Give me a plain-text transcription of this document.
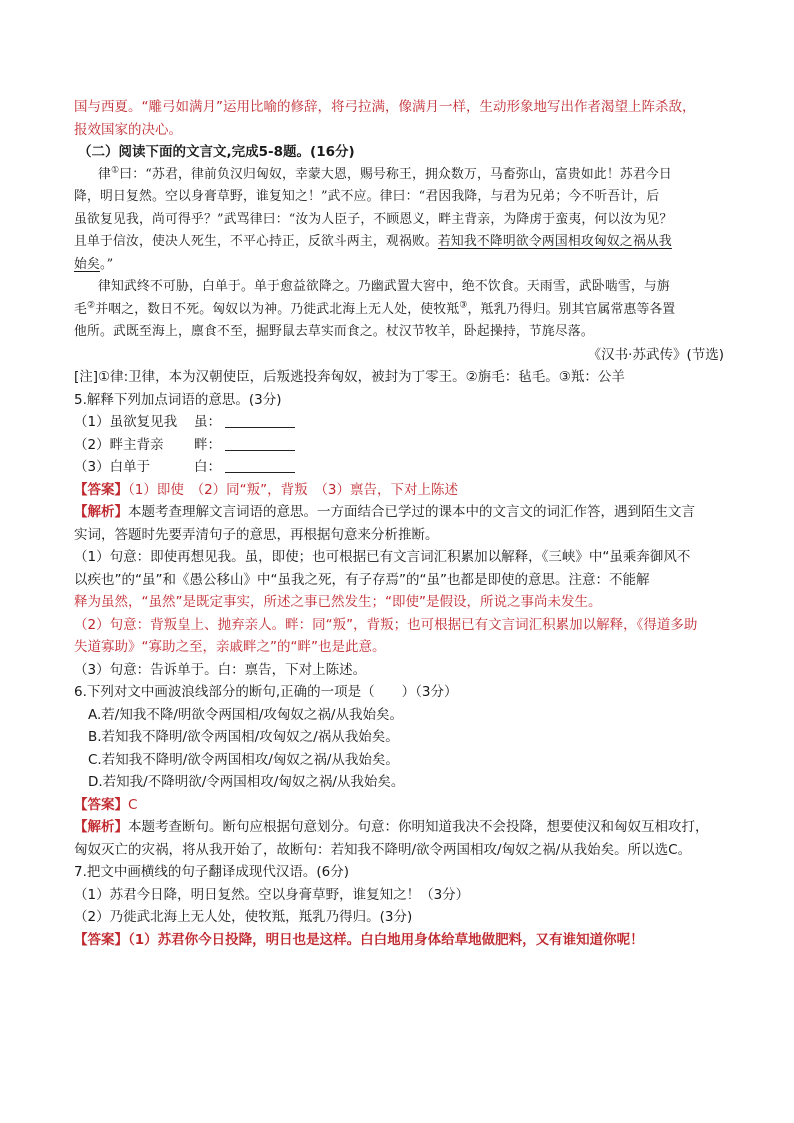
国与西夏。“雕弓如满月”运用比喻的修辞，将弓拉满，像满月一样，生动形象地写出作者渴望上阵杀敌，

报效国家的决心。

（二）阅读下面的文言文,完成5-8题。(16分)

律①曰：“苏君，律前负汉归匈奴，幸蒙大恩，赐号称王，拥众数万，马畜弥山，富贵如此！苏君今日

降，明日复然。空以身膏草野，谁复知之！”武不应。律曰：“君因我降，与君为兄弟；今不听吾计，后

虽欲复见我，尚可得乎？”武骂律曰：“汝为人臣子，不顾恩义，畔主背亲，为降虏于蛮夷，何以汝为见？

且单于信汝，使决人死生，不平心持正，反欲斗两主，观祸败。若知我不降明欲令两国相攻匈奴之祸从我

始矣。”

律知武终不可胁，白单于。单于愈益欲降之。乃幽武置大窖中，绝不饮食。天雨雪，武卧啮雪，与旃

毛②并咽之，数日不死。匈奴以为神。乃徙武北海上无人处，使牧羝③，羝乳乃得归。别其官属常惠等各置

他所。武既至海上，廪食不至，掘野鼠去草实而食之。杖汉节牧羊，卧起操持，节旄尽落。

《汉书·苏武传》(节选)

[注]①律:卫律，本为汉朝使臣，后叛逃投奔匈奴，被封为丁零王。②旃毛：毡毛。③羝：公羊

5.解释下列加点词语的意思。(3分)

（1）虽欲复见我 虽：

（2）畔主背亲 畔：

（3）白单于	白：

【答案】（1）即使　（2）同“叛”，背叛　（3）禀告，下对上陈述

【解析】本题考查理解文言词语的意思。一方面结合已学过的课本中的文言文的词汇作答，遇到陌生文言

实词，答题时先要弄清句子的意思，再根据句意来分析推断。

（1）句意：即使再想见我。虽，即使；也可根据已有文言词汇积累加以解释，《三峡》中“虽乘奔御风不

以疾也”的“虽”和《愚公移山》中“虽我之死，有子存焉”的“虽”也都是即使的意思。注意：不能解

释为虽然，“虽然”是既定事实，所述之事已然发生；“即使”是假设，所说之事尚未发生。

（2）句意：背叛皇上、抛弃亲人。畔：同“叛”，背叛；也可根据已有文言词汇积累加以解释，《得道多助

失道寡助》“寡助之至，亲戚畔之”的“畔”也是此意。

（3）句意：告诉单于。白：禀告，下对上陈述。

6.下列对文中画波浪线部分的断句,正确的一项是（　　）（3分）

A.若/知我不降/明欲令两国相/攻匈奴之祸/从我始矣。

B.若知我不降明/欲令两国相/攻匈奴之/祸从我始矣。

C.若知我不降明/欲令两国相攻/匈奴之祸/从我始矣。

D.若知我/不降明欲/令两国相攻/匈奴之祸/从我始矣。

【答案】C

【解析】本题考查断句。断句应根据句意划分。句意：你明知道我决不会投降，想要使汉和匈奴互相攻打，

匈奴灭亡的灾祸，将从我开始了，故断句：若知我不降明/欲令两国相攻/匈奴之祸/从我始矣。所以选C。

7.把文中画横线的句子翻译成现代汉语。(6分)

（1）苏君今日降，明日复然。空以身膏草野，谁复知之！（3分）

（2）乃徙武北海上无人处，使牧羝，羝乳乃得归。(3分)

【答案】（1）苏君你今日投降，明日也是这样。白白地用身体给草地做肥料，又有谁知道你呢！
